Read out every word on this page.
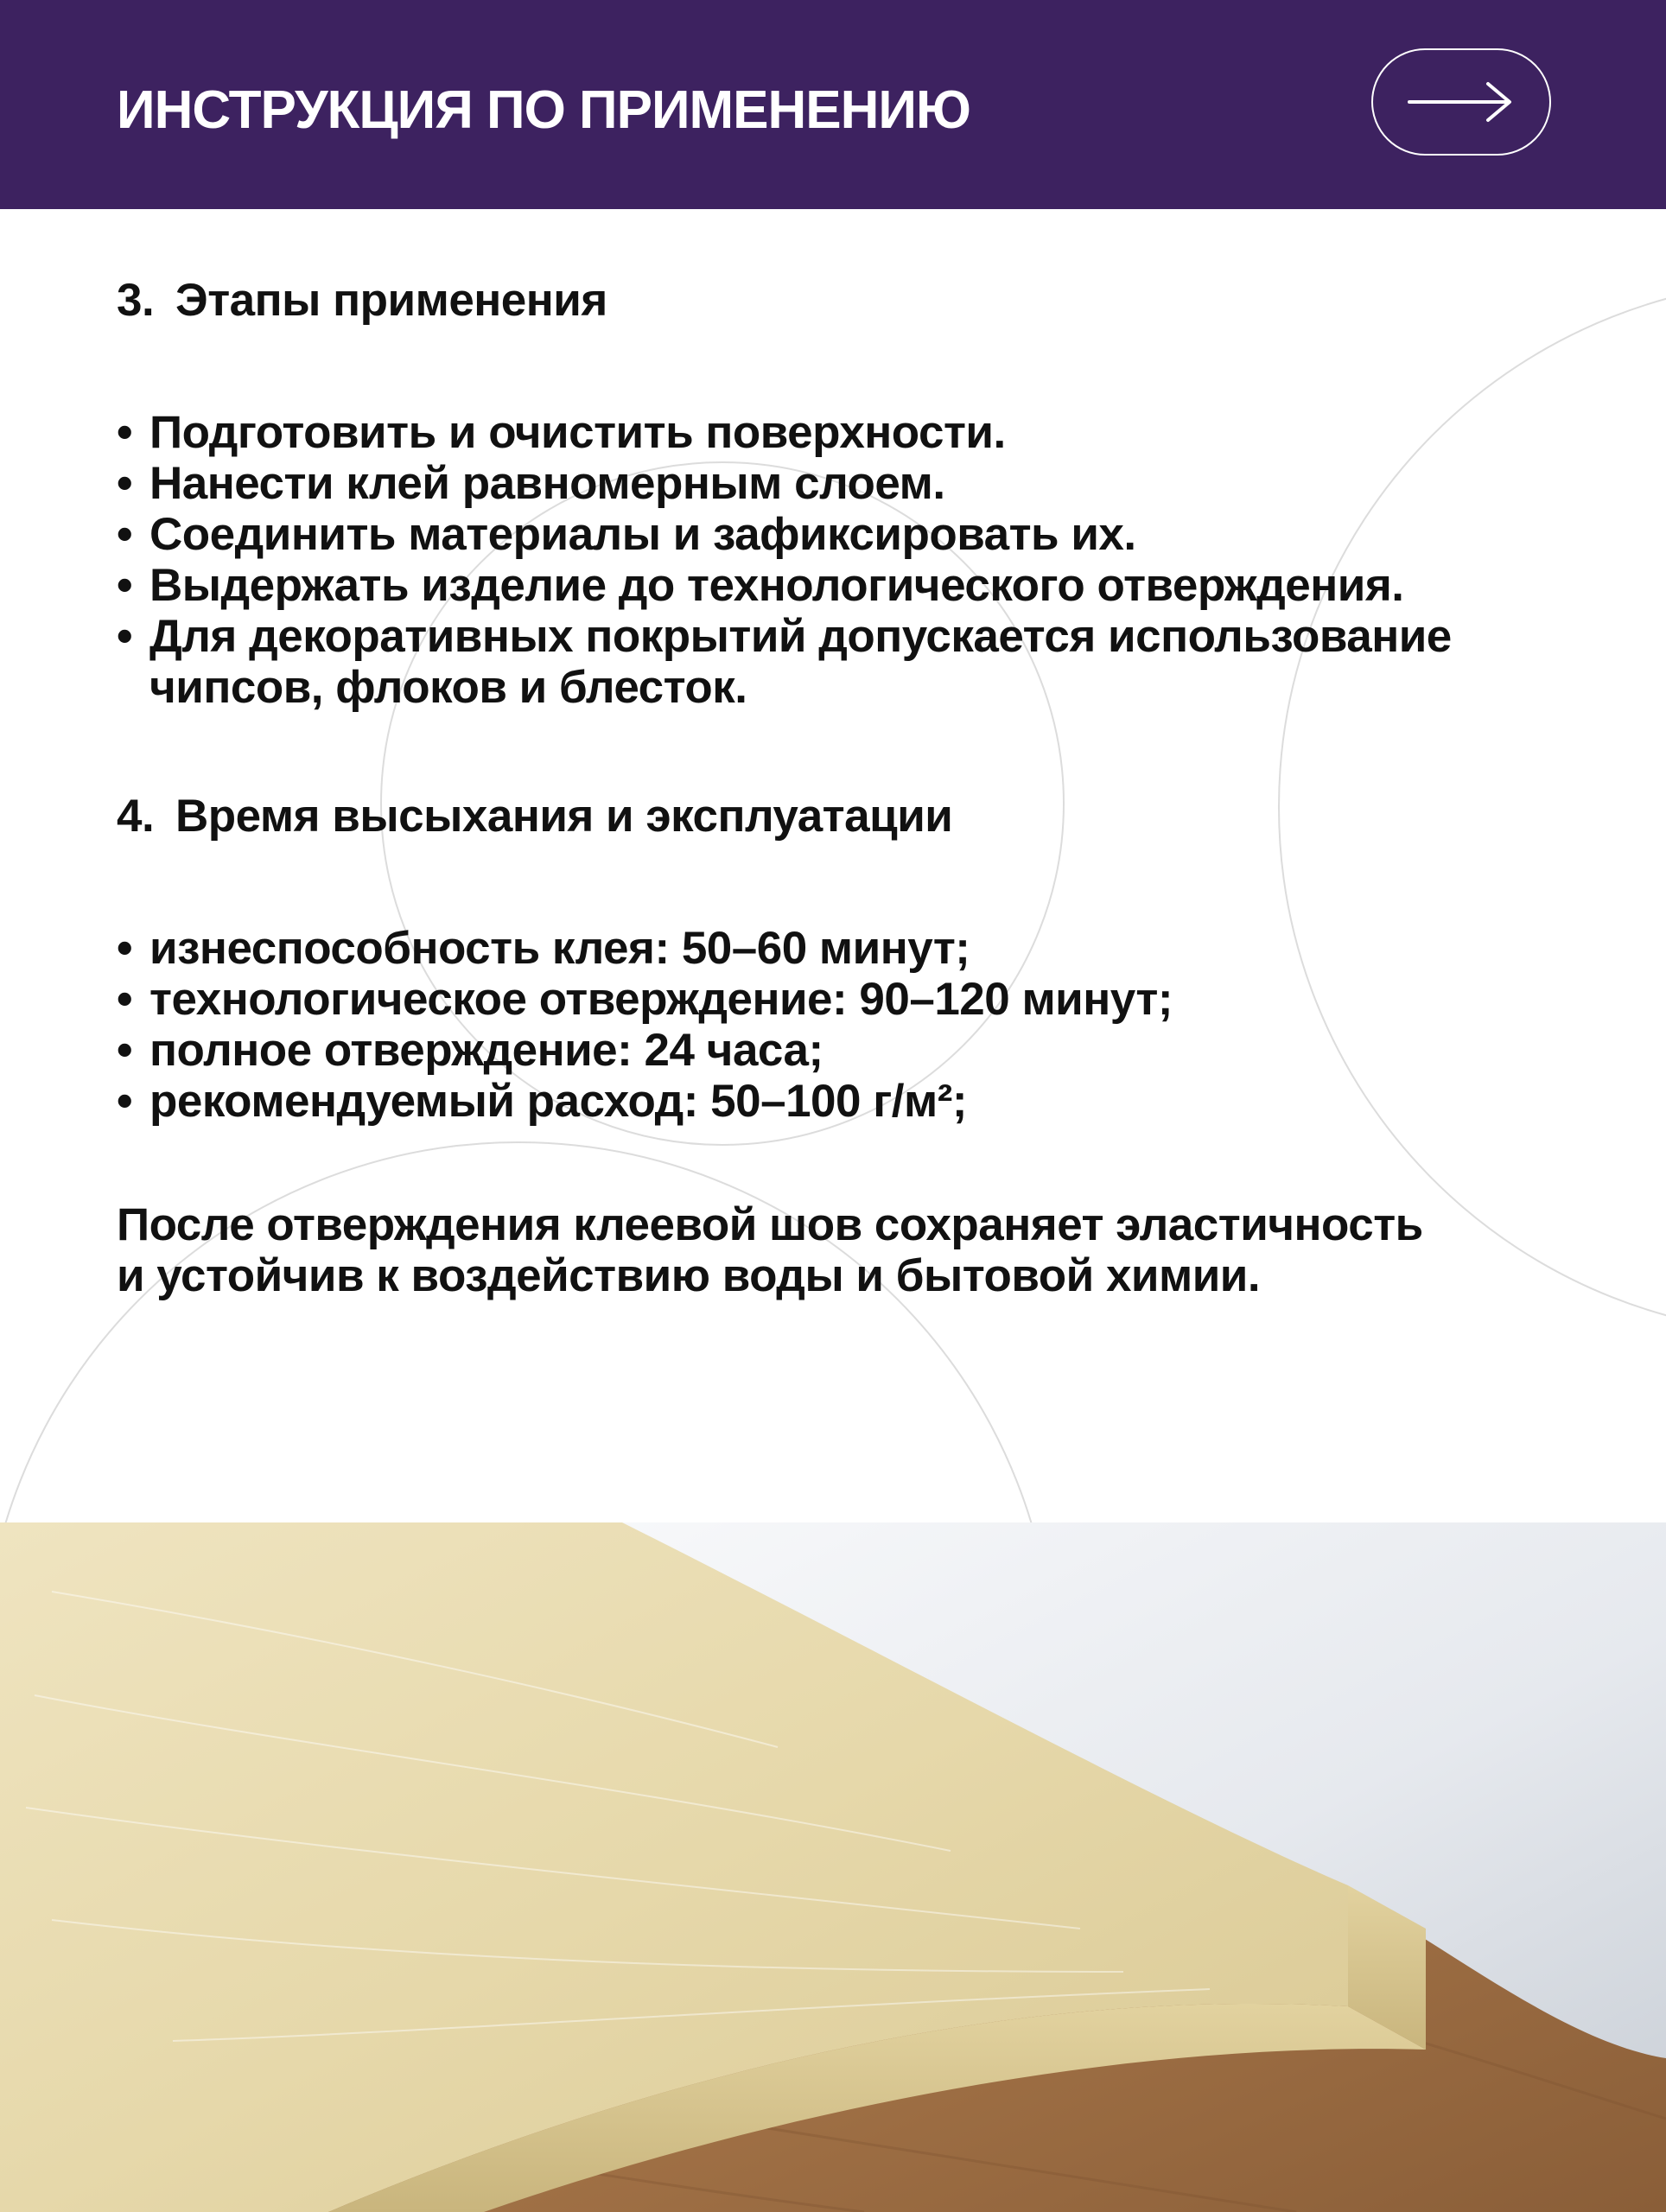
ИНСТРУКЦИЯ ПО ПРИМЕНЕНИЮ

3. Этапы применения

• Подготовить и очистить поверхности.
• Нанести клей равномерным слоем.
• Соединить материалы и зафиксировать их.
• Выдержать изделие до технологического отверждения.
• Для декоративных покрытий допускается использование
чипсов, флоков и блесток.

4. Время высыхания и эксплуатации

• изнеспособность клея: 50–60 минут;
• технологическое отверждение: 90–120 минут;
• полное отверждение: 24 часа;
• рекомендуемый расход: 50–100 г/м²;

После отверждения клеевой шов сохраняет эластичность

и устойчив к воздействию воды и бытовой химии.
